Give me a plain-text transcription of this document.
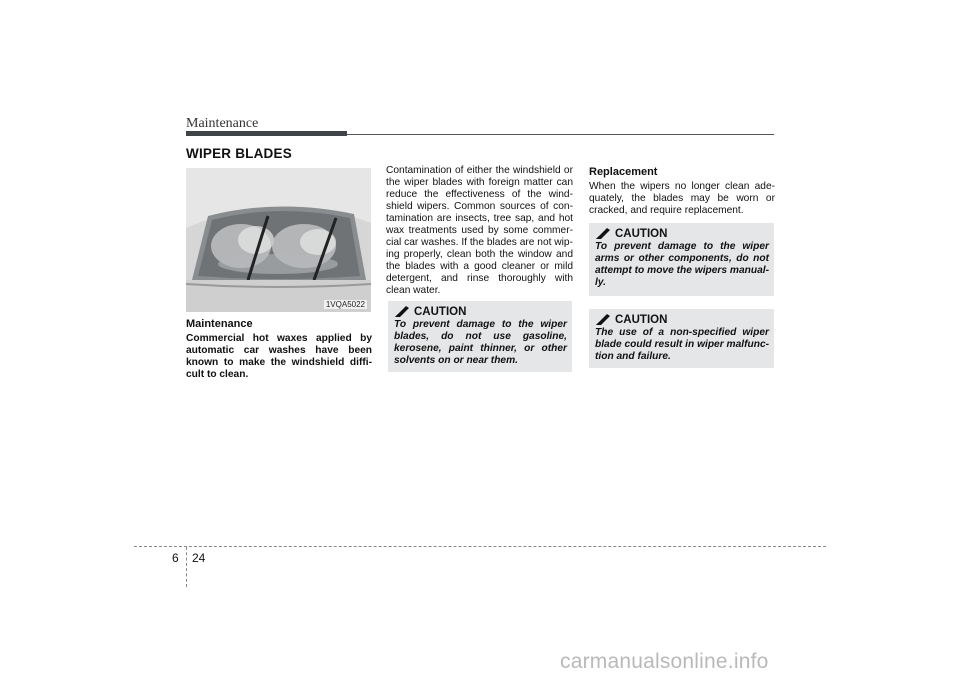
Maintenance
WIPER BLADES
1VQA5022
Maintenance
Commercial hot waxes applied by automatic car washes have been known to make the windshield diffi-cult to clean.
Contamination of either the windshield or the wiper blades with foreign matter can reduce the effectiveness of the wind-shield wipers. Common sources of con-tamination are insects, tree sap, and hot wax treatments used by some commer-cial car washes. If the blades are not wip-ing properly, clean both the window and the blades with a good cleaner or mild detergent, and rinse thoroughly with clean water.
CAUTION
To prevent damage to the wiper blades, do not use gasoline, kerosene, paint thinner, or other solvents on or near them.
Replacement
When the wipers no longer clean ade-quately, the blades may be worn or cracked, and require replacement.
CAUTION
To prevent damage to the wiper arms or other components, do not attempt to move the wipers manual-ly.
CAUTION
The use of a non-specified wiper blade could result in wiper malfunc-tion and failure.
6 24
carmanualsonline.info
